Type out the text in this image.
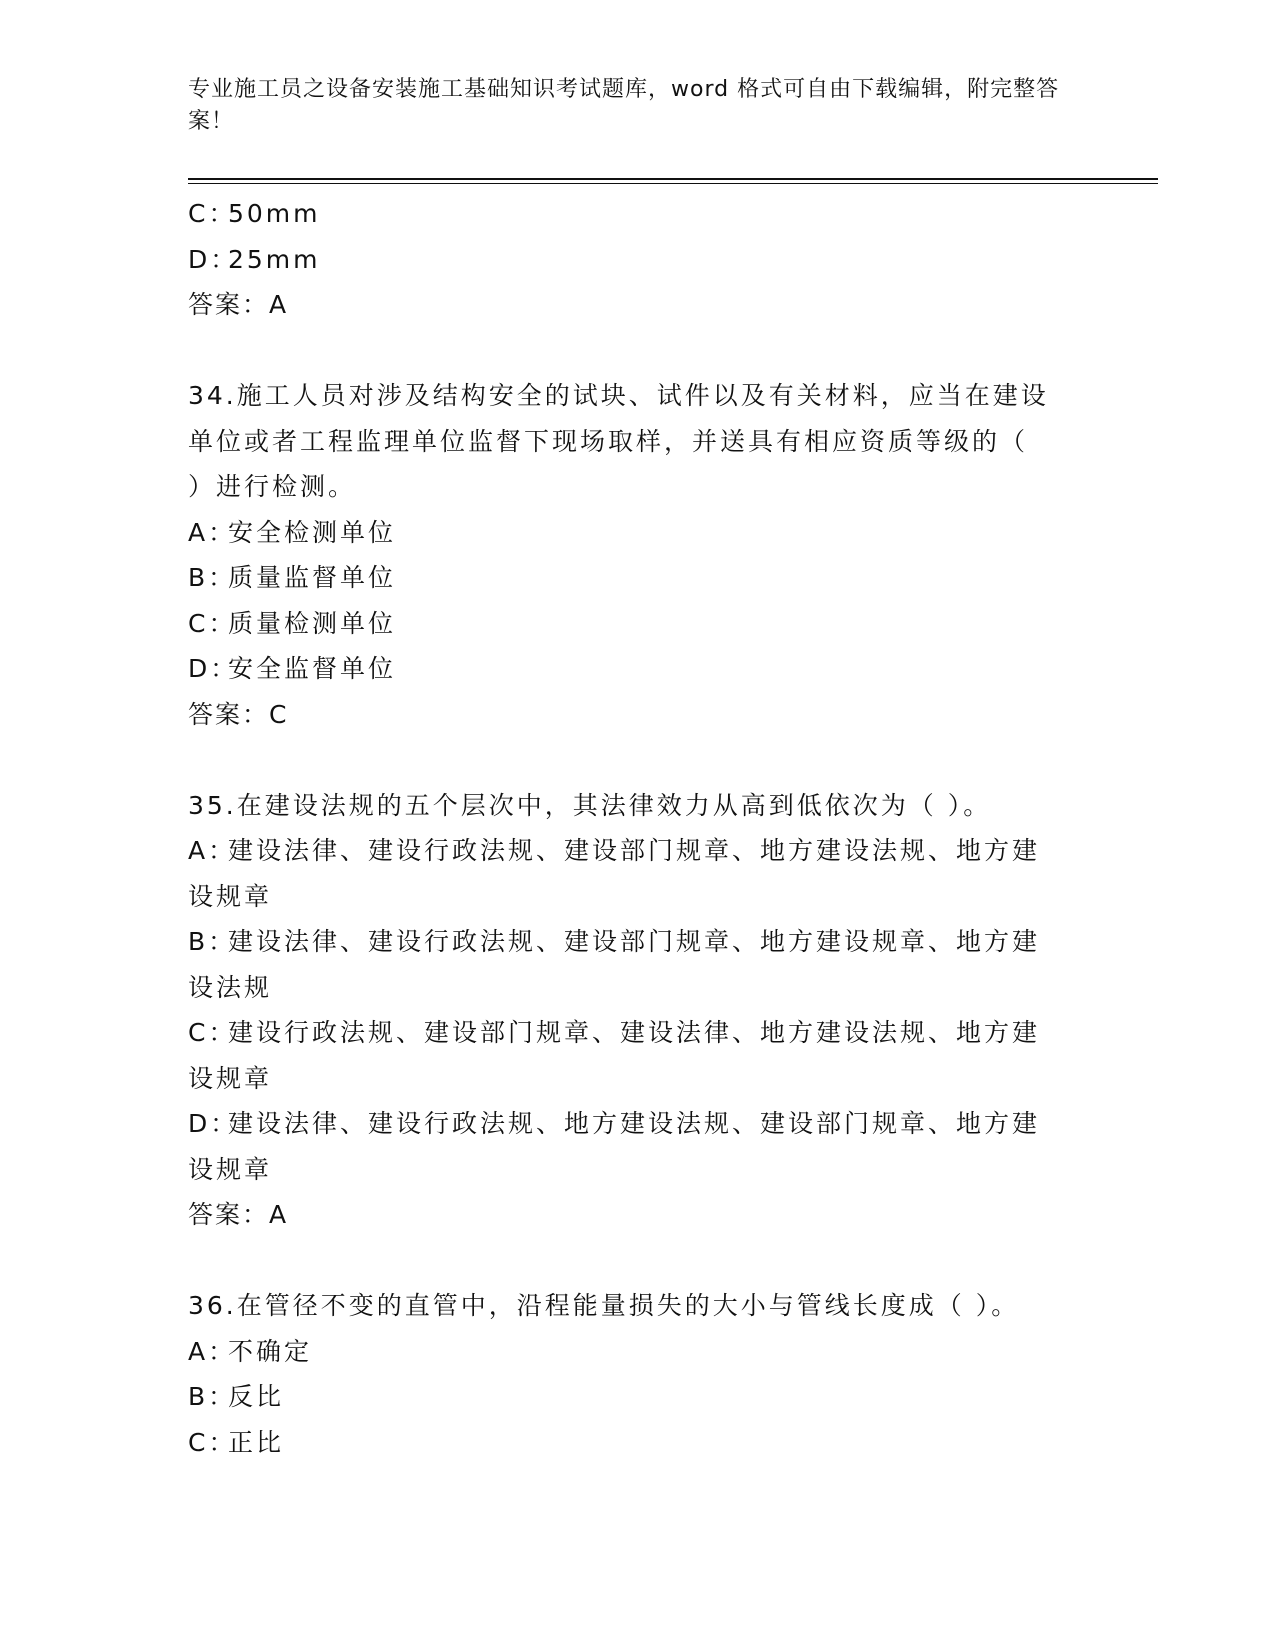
专业施工员之设备安装施工基础知识考试题库，word 格式可自由下载编辑，附完整答案！
C：50mm
D：25mm
答案：A
34.施工人员对涉及结构安全的试块、试件以及有关材料，应当在建设
单位或者工程监理单位监督下现场取样，并送具有相应资质等级的（
）进行检测。
A：安全检测单位
B：质量监督单位
C：质量检测单位
D：安全监督单位
答案：C
35.在建设法规的五个层次中，其法律效力从高到低依次为（ ）。
A：建设法律、建设行政法规、建设部门规章、地方建设法规、地方建
设规章
B：建设法律、建设行政法规、建设部门规章、地方建设规章、地方建
设法规
C：建设行政法规、建设部门规章、建设法律、地方建设法规、地方建
设规章
D：建设法律、建设行政法规、地方建设法规、建设部门规章、地方建
设规章
答案：A
36.在管径不变的直管中，沿程能量损失的大小与管线长度成（ ）。
A：不确定
B：反比
C：正比
